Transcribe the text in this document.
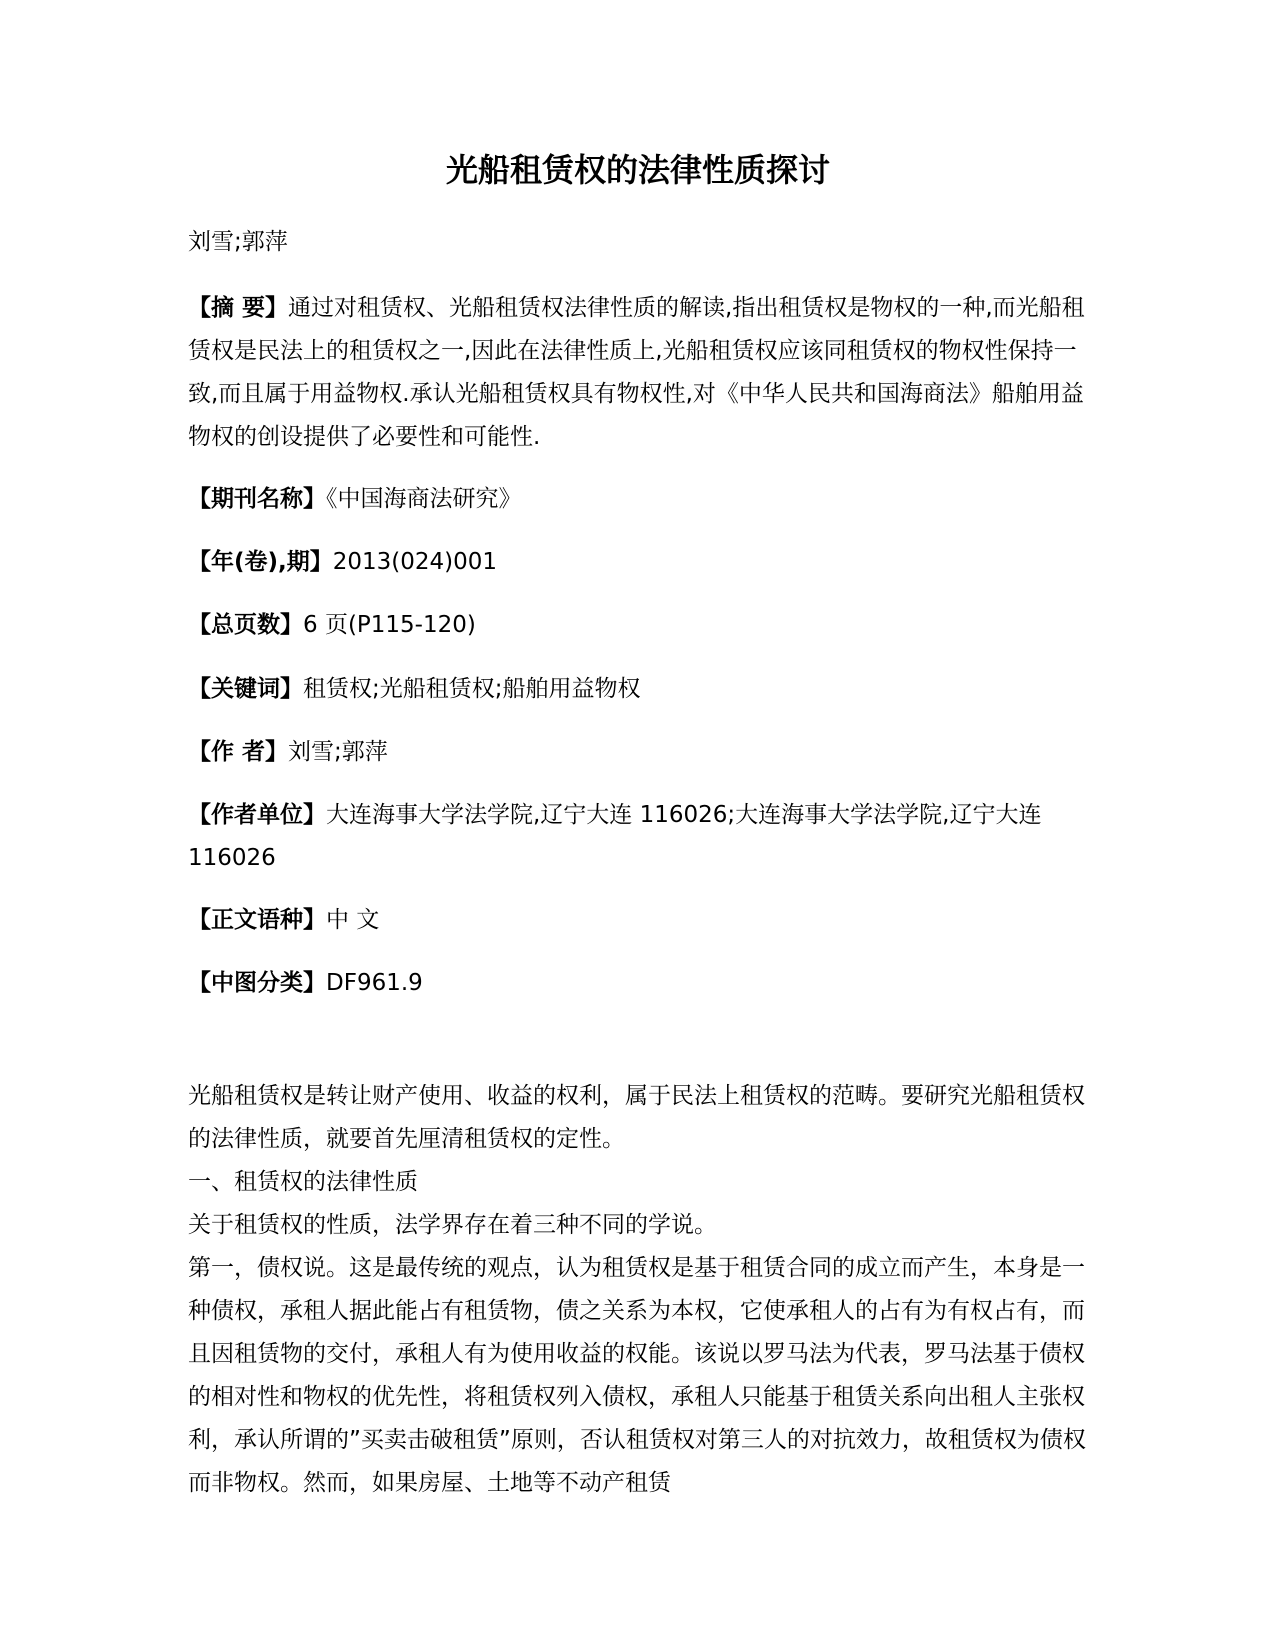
光船租赁权的法律性质探讨
刘雪;郭萍
【摘 要】通过对租赁权、光船租赁权法律性质的解读,指出租赁权是物权的一种,而光船租赁权是民法上的租赁权之一,因此在法律性质上,光船租赁权应该同租赁权的物权性保持一致,而且属于用益物权.承认光船租赁权具有物权性,对《中华人民共和国海商法》船舶用益物权的创设提供了必要性和可能性.
【期刊名称】《中国海商法研究》
【年(卷),期】2013(024)001
【总页数】6 页(P115-120)
【关键词】租赁权;光船租赁权;船舶用益物权
【作 者】刘雪;郭萍
【作者单位】大连海事大学法学院,辽宁大连 116026;大连海事大学法学院,辽宁大连 116026
【正文语种】中 文
【中图分类】DF961.9

光船租赁权是转让财产使用、收益的权利，属于民法上租赁权的范畴。要研究光船租赁权的法律性质，就要首先厘清租赁权的定性。

一、租赁权的法律性质

关于租赁权的性质，法学界存在着三种不同的学说。

第一，债权说。这是最传统的观点，认为租赁权是基于租赁合同的成立而产生，本身是一种债权，承租人据此能占有租赁物，债之关系为本权，它使承租人的占有为有权占有，而且因租赁物的交付，承租人有为使用收益的权能。该说以罗马法为代表，罗马法基于债权的相对性和物权的优先性，将租赁权列入债权，承租人只能基于租赁关系向出租人主张权利，承认所谓的”买卖击破租赁”原则，否认租赁权对第三人的对抗效力，故租赁权为债权而非物权。然而，如果房屋、土地等不动产租赁
